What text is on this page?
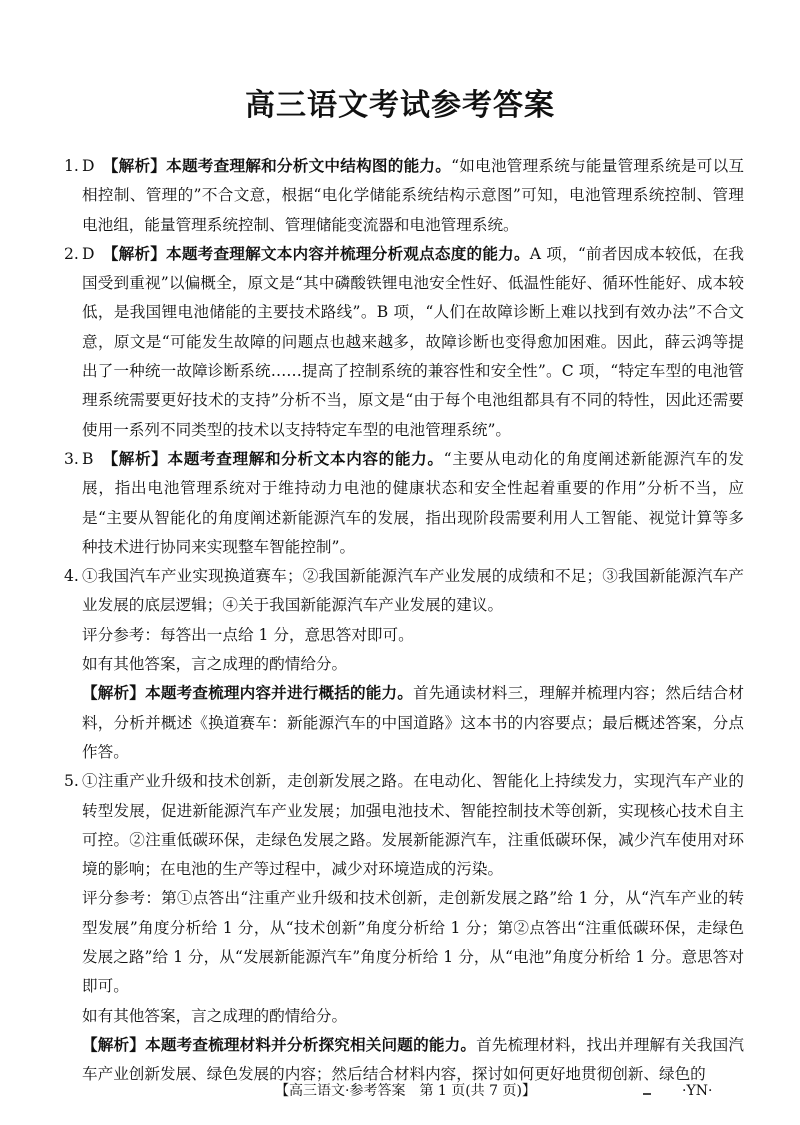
高三语文考试参考答案
1. D　 【解析】本题考查理解和分析文中结构图的能力。“如电池管理系统与能量管理系统是可以互相控制、管理的”不合文意，根据“电化学储能系统结构示意图”可知，电池管理系统控制、管理电池组，能量管理系统控制、管理储能变流器和电池管理系统。
2. D　 【解析】本题考查理解文本内容并梳理分析观点态度的能力。A 项，“前者因成本较低，在我国受到重视”以偏概全，原文是“其中磷酸铁锂电池安全性好、低温性能好、循环性能好、成本较低，是我国锂电池储能的主要技术路线”。B 项，“人们在故障诊断上难以找到有效办法”不合文意，原文是“可能发生故障的问题点也越来越多，故障诊断也变得愈加困难。因此，薛云鸿等提出了一种统一故障诊断系统……提高了控制系统的兼容性和安全性”。C 项，“特定车型的电池管理系统需要更好技术的支持”分析不当，原文是“由于每个电池组都具有不同的特性，因此还需要使用一系列不同类型的技术以支持特定车型的电池管理系统”。
3. B　 【解析】本题考查理解和分析文本内容的能力。“主要从电动化的角度阐述新能源汽车的发展，指出电池管理系统对于维持动力电池的健康状态和安全性起着重要的作用”分析不当，应是“主要从智能化的角度阐述新能源汽车的发展，指出现阶段需要利用人工智能、视觉计算等多种技术进行协同来实现整车智能控制”。
4. ①我国汽车产业实现换道赛车；②我国新能源汽车产业发展的成绩和不足；③我国新能源汽车产业发展的底层逻辑；④关于我国新能源汽车产业发展的建议。
评分参考：每答出一点给 1 分，意思答对即可。
如有其他答案，言之成理的酌情给分。
【解析】本题考查梳理内容并进行概括的能力。首先通读材料三，理解并梳理内容；然后结合材料，分析并概述《换道赛车：新能源汽车的中国道路》这本书的内容要点；最后概述答案，分点作答。
5. ①注重产业升级和技术创新，走创新发展之路。在电动化、智能化上持续发力，实现汽车产业的转型发展，促进新能源汽车产业发展；加强电池技术、智能控制技术等创新，实现核心技术自主可控。②注重低碳环保，走绿色发展之路。发展新能源汽车，注重低碳环保，减少汽车使用对环境的影响；在电池的生产等过程中，减少对环境造成的污染。
评分参考：第①点答出“注重产业升级和技术创新，走创新发展之路”给 1 分，从“汽车产业的转型发展”角度分析给 1 分，从“技术创新”角度分析给 1 分；第②点答出“注重低碳环保，走绿色发展之路”给 1 分，从“发展新能源汽车”角度分析给 1 分，从“电池”角度分析给 1 分。意思答对即可。
如有其他答案，言之成理的酌情给分。
【解析】本题考查梳理材料并分析探究相关问题的能力。首先梳理材料，找出并理解有关我国汽车产业创新发展、绿色发展的内容；然后结合材料内容，探讨如何更好地贯彻创新、绿色的
【高三语文·参考答案　第 1 页(共 7 页)】	·YN·
